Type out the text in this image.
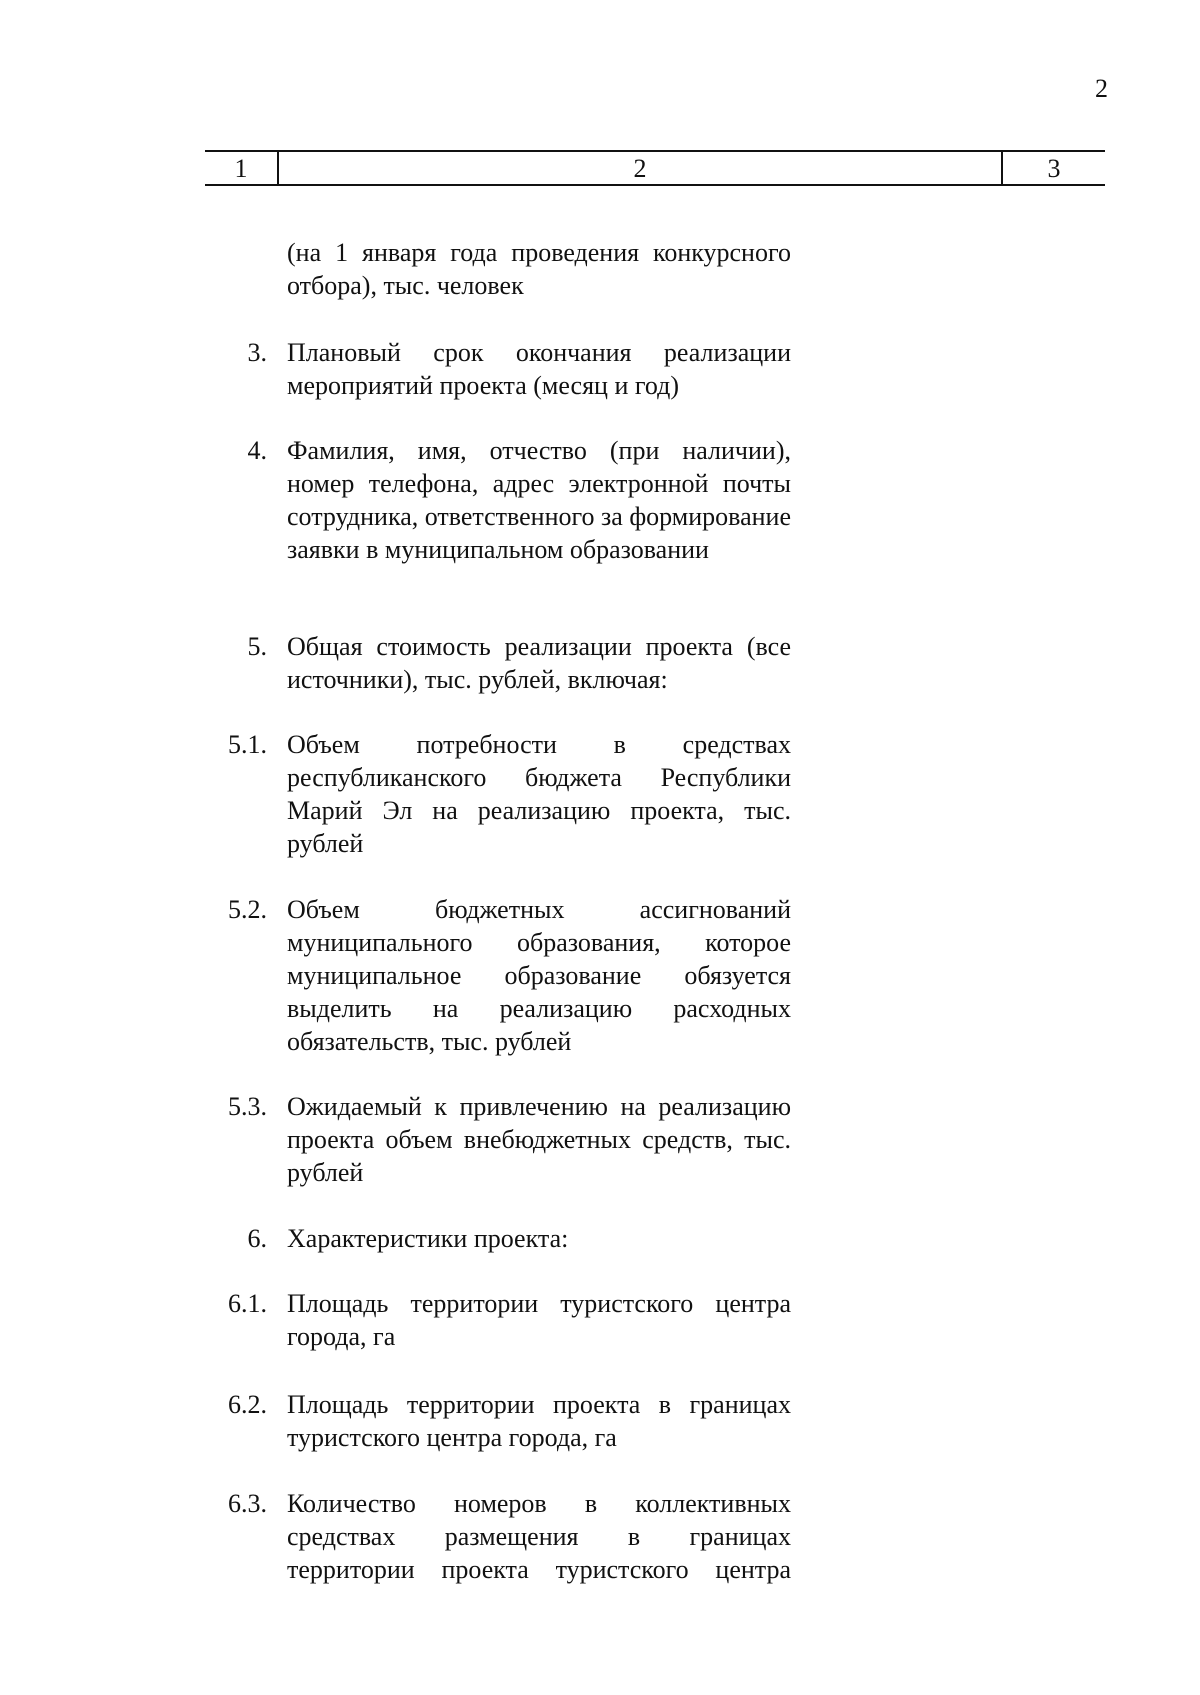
2
1	2	3
(на 1 января года проведения конкурсного отбора), тыс. человек
3. Плановый срок окончания реализации мероприятий проекта (месяц и год)
4. Фамилия, имя, отчество (при наличии), номер телефона, адрес электронной почты сотрудника, ответственного за формирование заявки в муниципальном образовании
5. Общая стоимость реализации проекта (все источники), тыс. рублей, включая:
5.1. Объем потребности в средствах республиканского бюджета Республики Марий Эл на реализацию проекта, тыс. рублей
5.2. Объем бюджетных ассигнований муниципального образования, которое муниципальное образование обязуется выделить на реализацию расходных обязательств, тыс. рублей
5.3. Ожидаемый к привлечению на реализацию проекта объем внебюджетных средств, тыс. рублей
6. Характеристики проекта:
6.1. Площадь территории туристского центра города, га
6.2. Площадь территории проекта в границах туристского центра города, га
6.3. Количество номеров в коллективных средствах размещения в границах территории проекта туристского центра
